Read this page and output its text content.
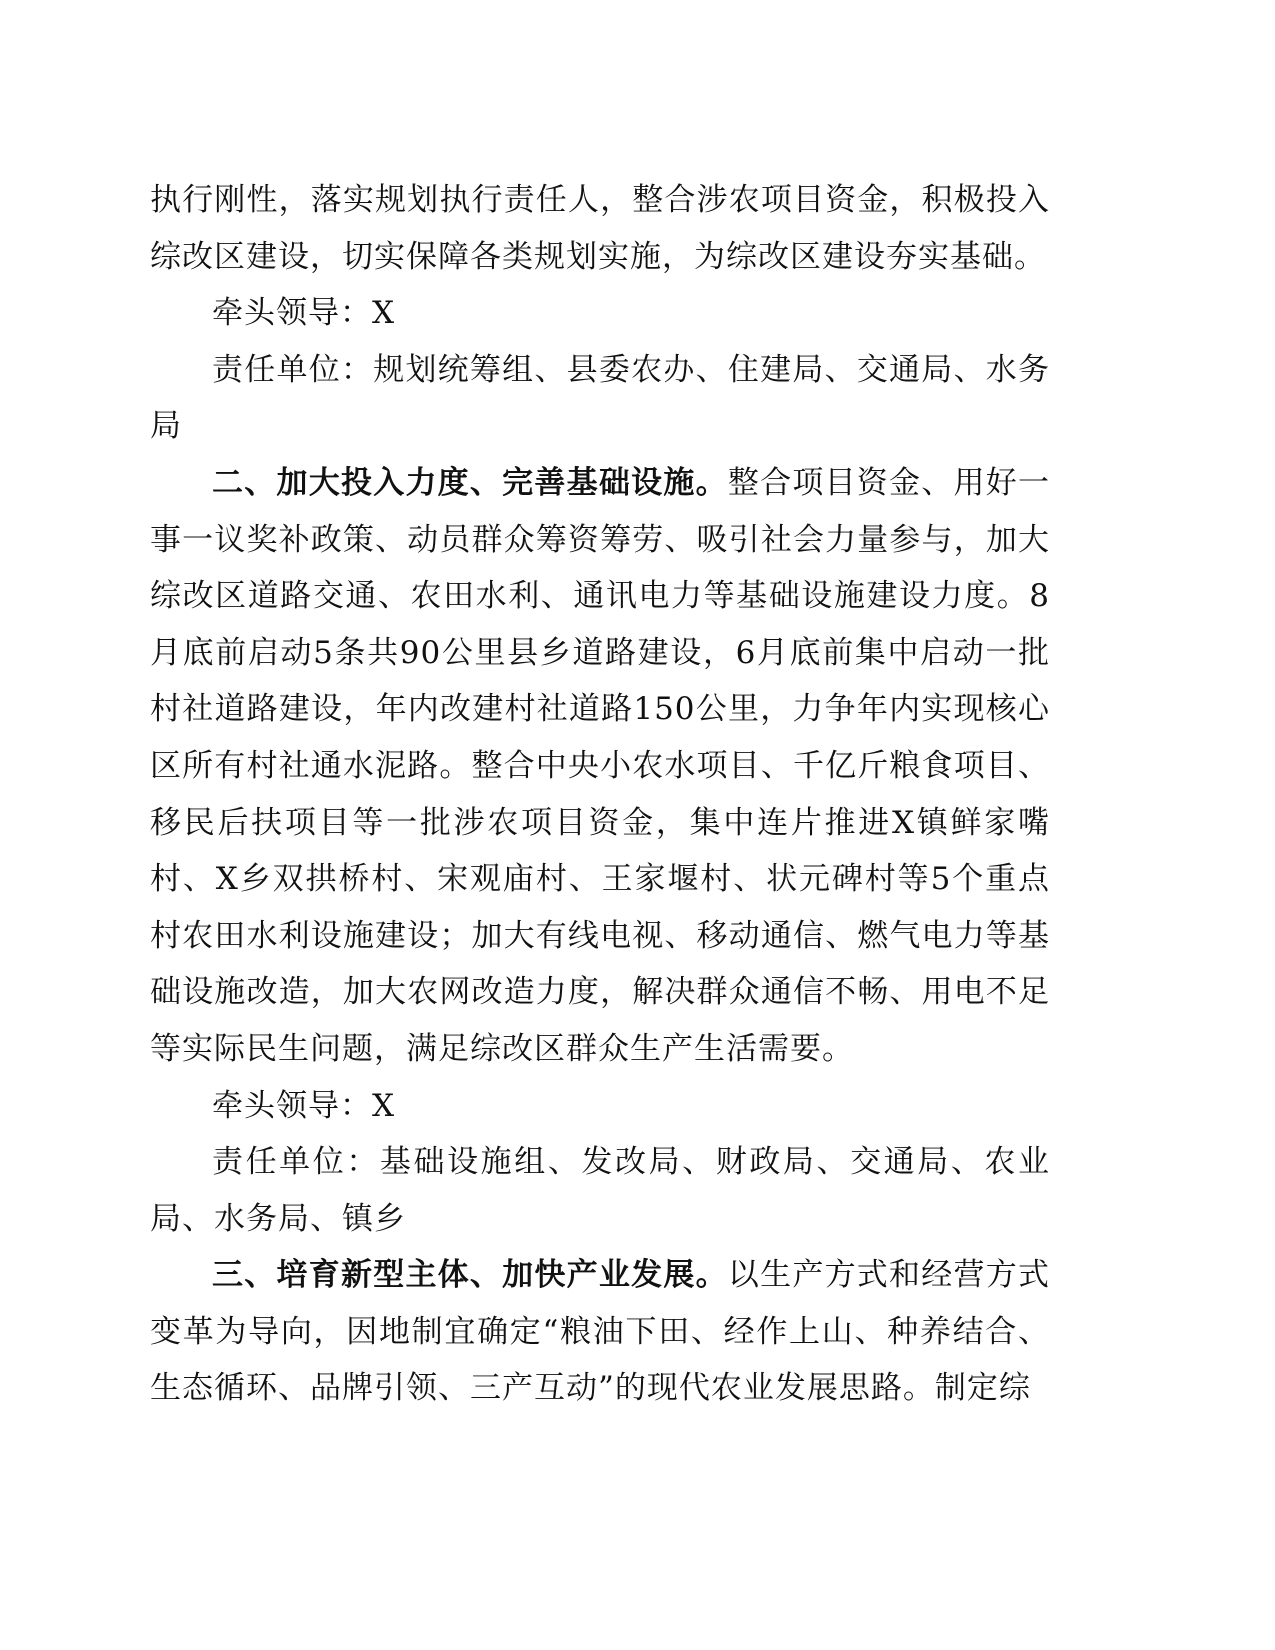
执行刚性，落实规划执行责任人，整合涉农项目资金，积极投入综改区建设，切实保障各类规划实施，为综改区建设夯实基础。

牵头领导：X

责任单位：规划统筹组、县委农办、住建局、交通局、水务局

二、加大投入力度、完善基础设施。整合项目资金、用好一事一议奖补政策、动员群众筹资筹劳、吸引社会力量参与，加大综改区道路交通、农田水利、通讯电力等基础设施建设力度。8月底前启动5条共90公里县乡道路建设，6月底前集中启动一批村社道路建设，年内改建村社道路150公里，力争年内实现核心区所有村社通水泥路。整合中央小农水项目、千亿斤粮食项目、移民后扶项目等一批涉农项目资金，集中连片推进X镇鲜家嘴村、X乡双拱桥村、宋观庙村、王家堰村、状元碑村等5个重点村农田水利设施建设；加大有线电视、移动通信、燃气电力等基础设施改造，加大农网改造力度，解决群众通信不畅、用电不足等实际民生问题，满足综改区群众生产生活需要。

牵头领导：X

责任单位：基础设施组、发改局、财政局、交通局、农业局、水务局、镇乡

三、培育新型主体、加快产业发展。以生产方式和经营方式变革为导向，因地制宜确定“粮油下田、经作上山、种养结合、生态循环、品牌引领、三产互动”的现代农业发展思路。制定综
